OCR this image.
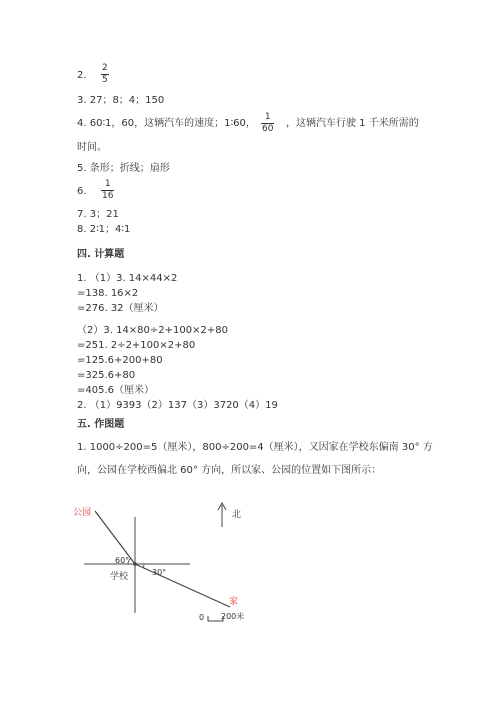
2. $\frac{2}{5}$
3. 27；8；4；150
4. 60∶1，60，这辆汽车的速度；1∶60， $\frac{1}{60}$ ，这辆汽车行驶 1 千米所需的
时间。
5. 条形；折线；扇形
6. $\frac{1}{16}$
7. 3；21
8. 2∶1；4∶1
四. 计算题
1. （1）3. 14×44×2
=138. 16×2
=276. 32（厘米）
（2）3. 14×80÷2+100×2+80
=251. 2÷2+100×2+80
=125.6+200+80
=325.6+80
=405.6（厘米）
2. （1）9393（2）137（3）3720（4）19
五. 作图题
1. 1000÷200=5（厘米），800÷200=4（厘米），又因家在学校东偏南 30° 方
向，公园在学校西偏北 60° 方向，所以家、公园的位置如下图所示：
公园	北
60°
30°
学校
家
0 200米
